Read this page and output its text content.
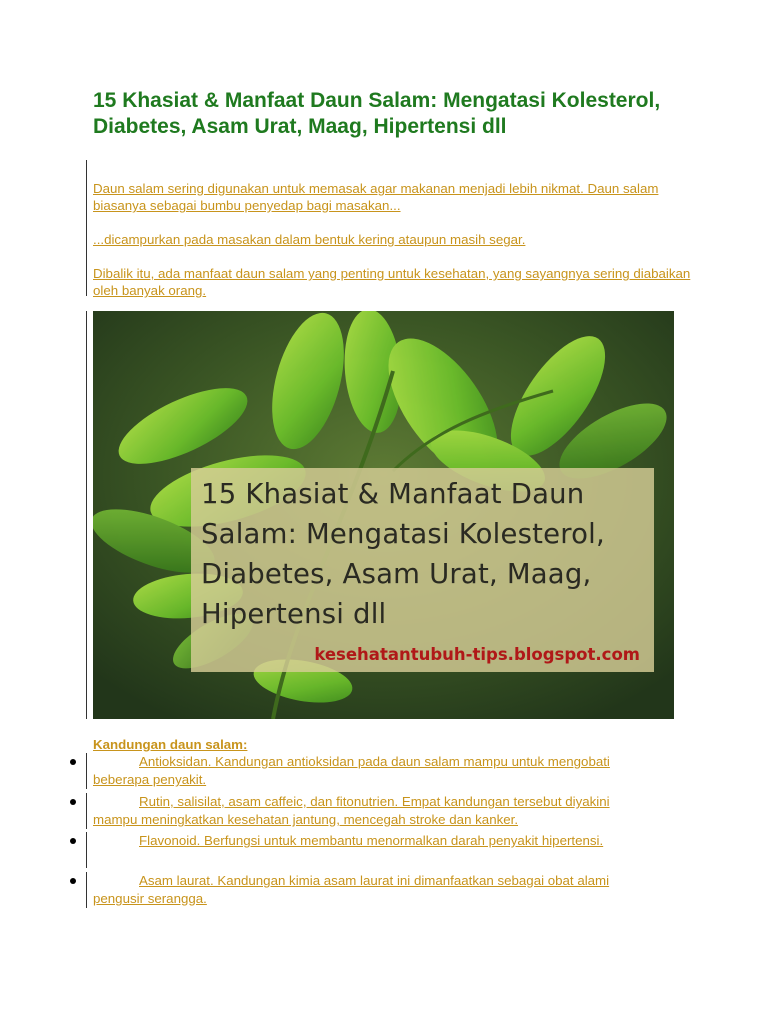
15 Khasiat & Manfaat Daun Salam: Mengatasi Kolesterol, Diabetes, Asam Urat, Maag, Hipertensi dll

Daun salam sering digunakan untuk memasak agar makanan menjadi lebih nikmat. Daun salam biasanya sebagai bumbu penyedap bagi masakan...

...dicampurkan pada masakan dalam bentuk kering ataupun masih segar.

Dibalik itu, ada manfaat daun salam yang penting untuk kesehatan, yang sayangnya sering diabaikan oleh banyak orang.

15 Khasiat & Manfaat Daun Salam: Mengatasi Kolesterol, Diabetes, Asam Urat, Maag, Hipertensi dll

kesehatantubuh-tips.blogspot.com

Kandungan daun salam:

Antioksidan. Kandungan antioksidan pada daun salam mampu untuk mengobati beberapa penyakit.

Rutin, salisilat, asam caffeic, dan fitonutrien. Empat kandungan tersebut diyakini mampu meningkatkan kesehatan jantung, mencegah stroke dan kanker.

Flavonoid. Berfungsi untuk membantu menormalkan darah penyakit hipertensi.

Asam laurat. Kandungan kimia asam laurat ini dimanfaatkan sebagai obat alami pengusir serangga.
